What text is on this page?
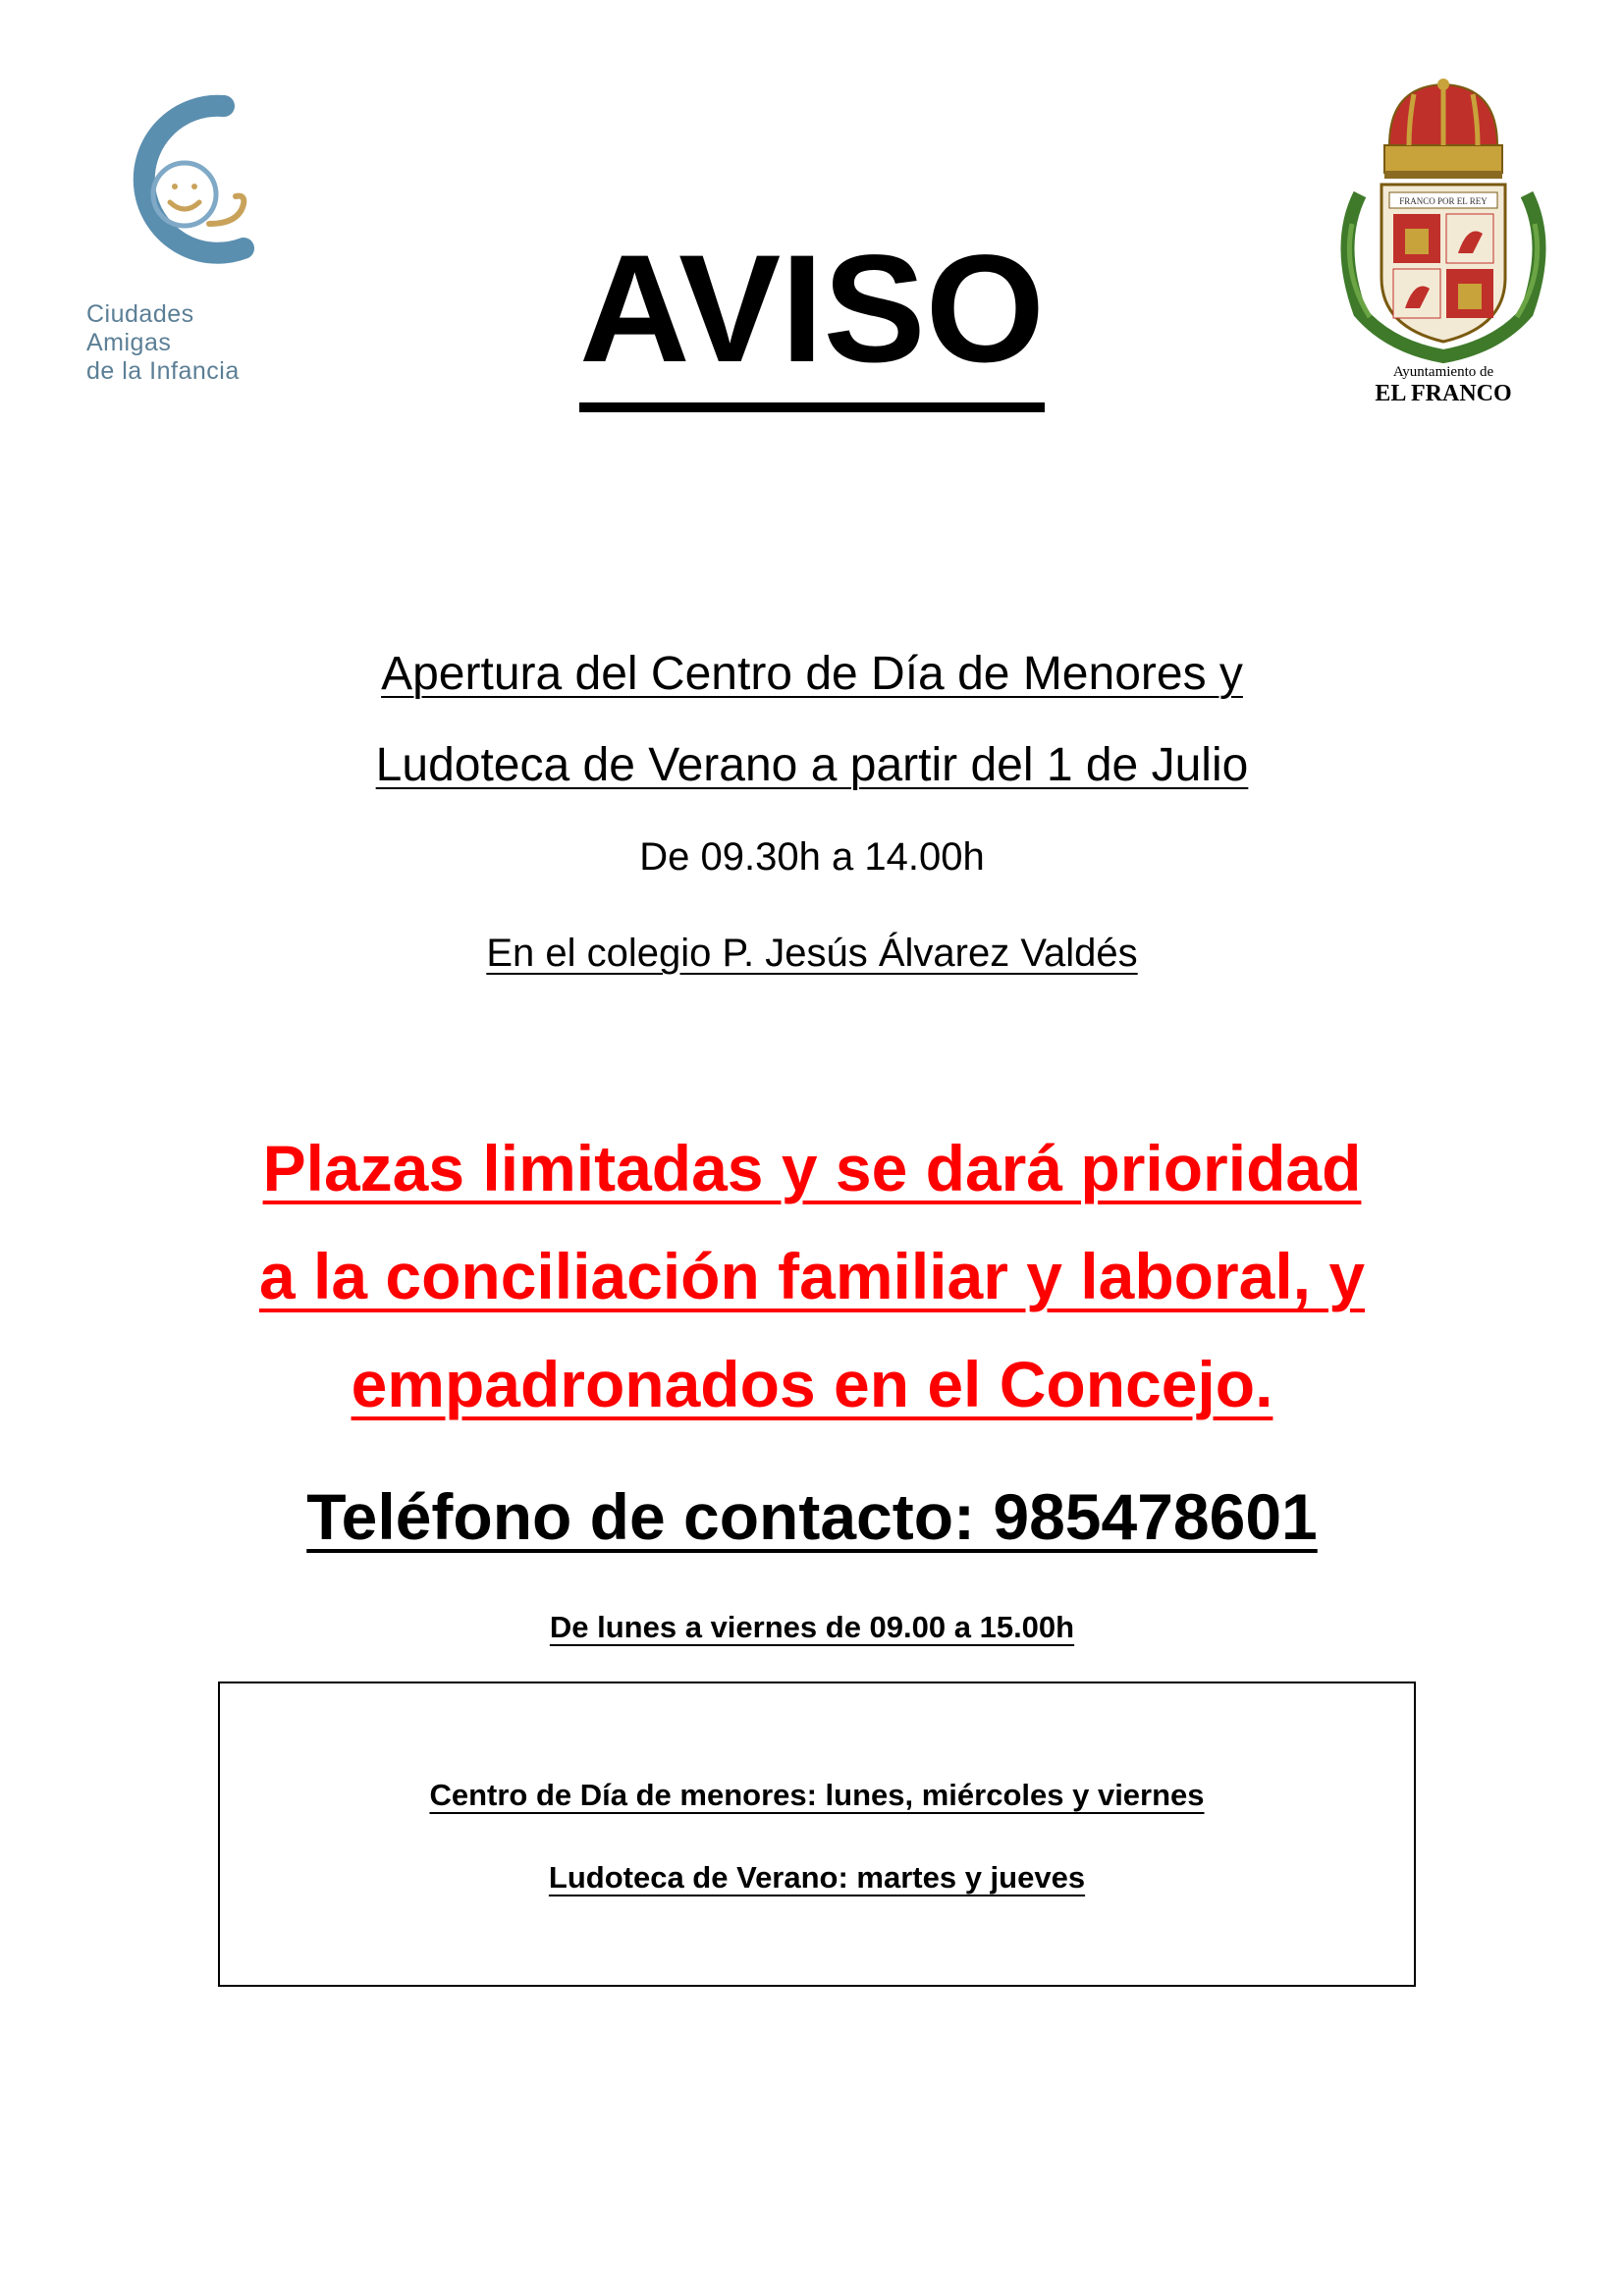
Ciudades
Amigas
de la Infancia
FRANCO POR EL REY
Ayuntamiento de
EL FRANCO
AVISO
Apertura del Centro de Día de Menores y
Ludoteca de Verano a partir del 1 de Julio
De 09.30h a 14.00h
En el colegio P. Jesús Álvarez Valdés
Plazas limitadas y se dará prioridad
a la conciliación familiar y laboral, y
empadronados en el Concejo.
Teléfono de contacto: 985478601
De lunes a viernes de 09.00 a 15.00h
Centro de Día de menores: lunes, miércoles y viernes
Ludoteca de Verano: martes y jueves
